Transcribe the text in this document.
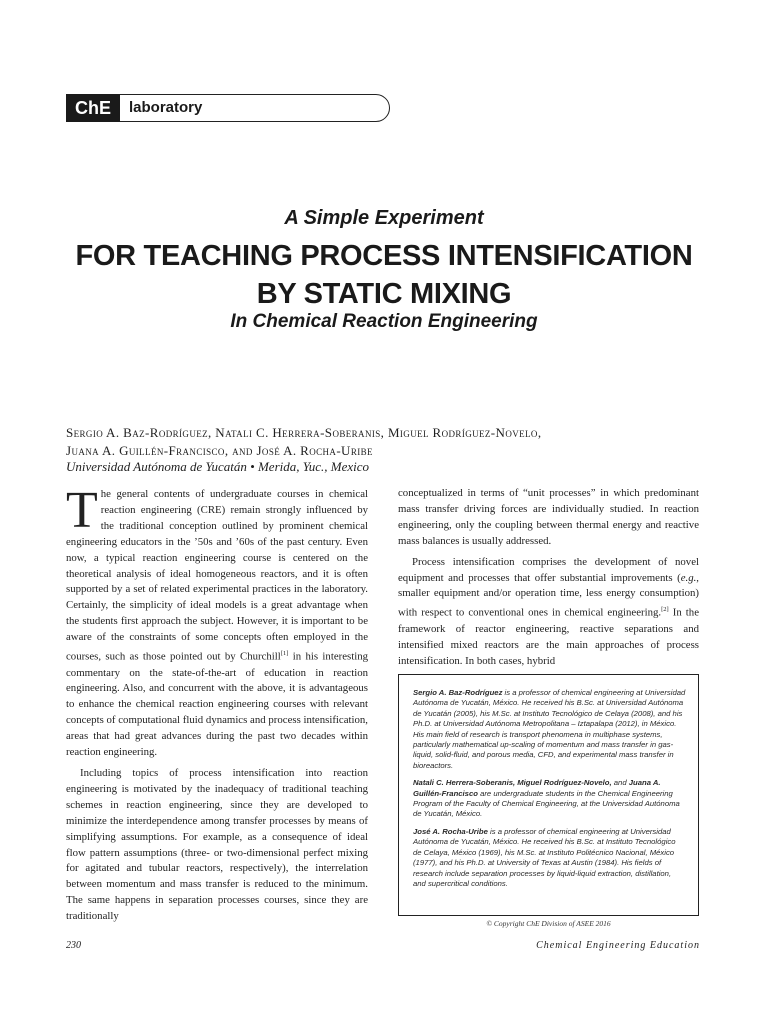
ChE	laboratory
A Simple Experiment
FOR TEACHING PROCESS INTENSIFICATION
BY STATIC MIXING
In Chemical Reaction Engineering
Sergio A. Baz-Rodríguez, Natali C. Herrera-Soberanis, Miguel Rodríguez-Novelo,
Juana A. Guillén-Francisco, and José A. Rocha-Uribe
Universidad Autónoma de Yucatán • Merida, Yuc., Mexico

The general contents of undergraduate courses in chemical reaction engineering (CRE) remain strongly influenced by the traditional conception outlined by prominent chemical engineering educators in the ’50s and ’60s of the past century. Even now, a typical reaction engineering course is centered on the theoretical analysis of ideal homogeneous reactors, and it is often supported by a set of related experimental practices in the laboratory. Certainly, the simplicity of ideal models is a great advantage when the students first approach the subject. However, it is important to be aware of the constraints of some concepts often employed in the courses, such as those pointed out by Churchill[1] in his interesting commentary on the state-of-the-art of education in reaction engineering. Also, and concurrent with the above, it is advantageous to enhance the chemical reaction engineering courses with relevant concepts of computational fluid dynamics and process intensification, areas that had great advances during the past two decades within reaction engineering.

Including topics of process intensification into reaction engineering is motivated by the inadequacy of traditional teaching schemes in reaction engineering, since they are developed to minimize the interdependence among transfer processes by means of simplifying assumptions. For example, as a consequence of ideal flow pattern assumptions (three- or two-dimensional perfect mixing for agitated and tubular reactors, respectively), the interrelation between momentum and mass transfer is reduced to the minimum. The same happens in separation processes courses, since they are traditionally

conceptualized in terms of “unit processes” in which predominant mass transfer driving forces are individually studied. In reaction engineering, only the coupling between thermal energy and reactive mass balances is usually addressed.

Process intensification comprises the development of novel equipment and processes that offer substantial improvements (e.g., smaller equipment and/or operation time, less energy consumption) with respect to conventional ones in chemical engineering.[2] In the framework of reactor engineering, reactive separations and intensified mixed reactors are the main approaches of process intensification. In both cases, hybrid

Sergio A. Baz-Rodríguez is a professor of chemical engineering at Universidad Autónoma de Yucatán, México. He received his B.Sc. at Universidad Autónoma de Yucatán (2005), his M.Sc. at Instituto Tecnológico de Celaya (2008), and his Ph.D. at Universidad Autónoma Metropolitana – Iztapalapa (2012), in México. His main field of research is transport phenomena in multiphase systems, particularly mathematical up-scaling of momentum and mass transfer in gas-liquid, solid-fluid, and porous media, CFD, and experimental mass transfer in bioreactors.

Natali C. Herrera-Soberanis, Miguel Rodríguez-Novelo, and Juana A. Guillén-Francisco are undergraduate students in the Chemical Engineering Program of the Faculty of Chemical Engineering, at the Universidad Autónoma de Yucatán, México.

José A. Rocha-Uribe is a professor of chemical engineering at Universidad Autónoma de Yucatán, México. He received his B.Sc. at Instituto Tecnológico de Celaya, México (1969), his M.Sc. at Instituto Politécnico Nacional, México (1977), and his Ph.D. at University of Texas at Austin (1984). His fields of research include separation processes by liquid-liquid extraction, distillation, and supercritical conditions.

© Copyright ChE Division of ASEE 2016
230	Chemical Engineering Education
